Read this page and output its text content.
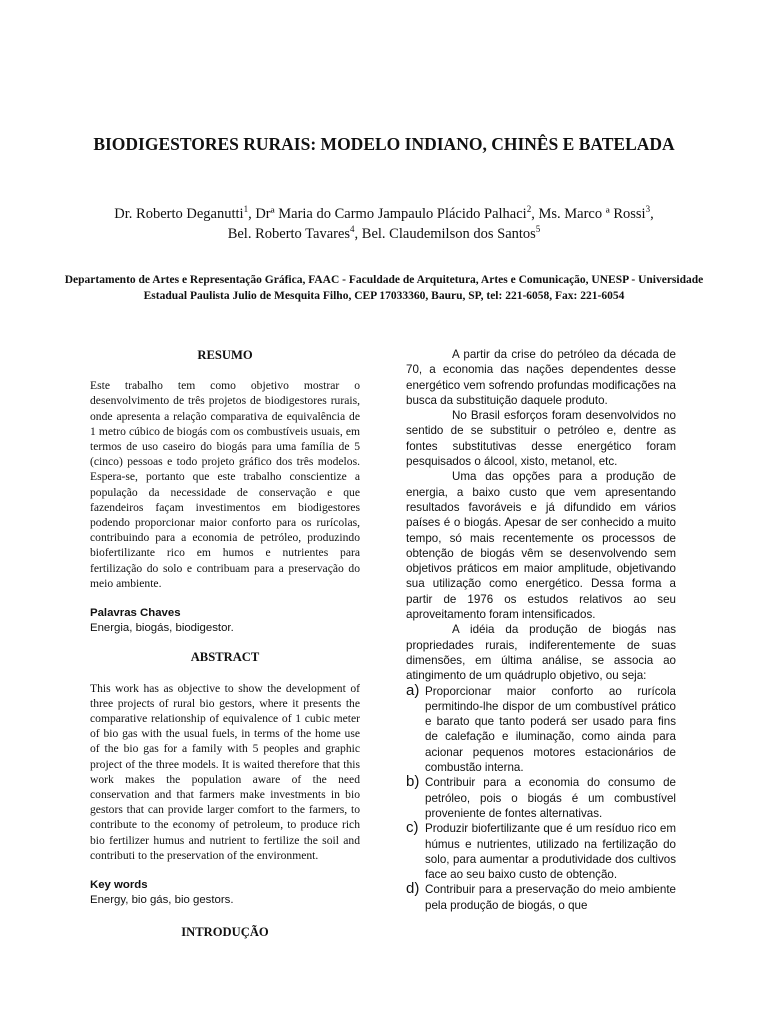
BIODIGESTORES RURAIS: MODELO INDIANO, CHINÊS E BATELADA
Dr. Roberto Deganutti$^1$, Drª Maria do Carmo Jampaulo Plácido Palhaci$^2$, Ms. Marco ª Rossi$^3$,
Bel. Roberto Tavares$^4$, Bel. Claudemilson dos Santos$^5$
Departamento de Artes e Representação Gráfica, FAAC - Faculdade de Arquitetura, Artes e Comunicação, UNESP - Universidade Estadual Paulista Julio de Mesquita Filho, CEP 17033360, Bauru, SP, tel: 221-6058, Fax: 221-6054

RESUMO

Este trabalho tem como objetivo mostrar o desenvolvimento de três projetos de biodigestores rurais, onde apresenta a relação comparativa de equivalência de 1 metro cúbico de biogás com os combustíveis usuais, em termos de uso caseiro do biogás para uma família de 5 (cinco) pessoas e todo projeto gráfico dos três modelos. Espera-se, portanto que este trabalho conscientize a população da necessidade de conservação e que fazendeiros façam investimentos em biodigestores podendo proporcionar maior conforto para os rurícolas, contribuindo para a economia de petróleo, produzindo biofertilizante rico em humos e nutrientes para fertilização do solo e contribuam para a preservação do meio ambiente.

Palavras Chaves

Energia, biogás, biodigestor.

ABSTRACT

This work has as objective to show the development of three projects of rural bio gestors, where it presents the comparative relationship of equivalence of 1 cubic meter of bio gas with the usual fuels, in terms of the home use of the bio gas for a family with 5 peoples and graphic project of the three models. It is waited therefore that this work makes the population aware of the need conservation and that farmers make investments in bio gestors that can provide larger comfort to the farmers, to contribute to the economy of petroleum, to produce rich bio fertilizer humus and nutrient to fertilize the soil and contributi to the preservation of the environment.

Key words

Energy, bio gás, bio gestors.

INTRODUÇÃO

A partir da crise do petróleo da década de 70, a economia das nações dependentes desse energético vem sofrendo profundas modificações na busca da substituição daquele produto.

No Brasil esforços foram desenvolvidos no sentido de se substituir o petróleo e, dentre as fontes substitutivas desse energético foram pesquisados o álcool, xisto, metanol, etc.

Uma das opções para a produção de energia, a baixo custo que vem apresentando resultados favoráveis e já difundido em vários países é o biogás. Apesar de ser conhecido a muito tempo, só mais recentemente os processos de obtenção de biogás vêm se desenvolvendo sem objetivos práticos em maior amplitude, objetivando sua utilização como energético. Dessa forma a partir de 1976 os estudos relativos ao seu aproveitamento foram intensificados.

A idéia da produção de biogás nas propriedades rurais, indiferentemente de suas dimensões, em última análise, se associa ao atingimento de um quádruplo objetivo, ou seja:

a) Proporcionar maior conforto ao rurícola permitindo-lhe dispor de um combustível prático e barato que tanto poderá ser usado para fins de calefação e iluminação, como ainda para acionar pequenos motores estacionários de combustão interna.

b) Contribuir para a economia do consumo de petróleo, pois o biogás é um combustível proveniente de fontes alternativas.

c) Produzir biofertilizante que é um resíduo rico em húmus e nutrientes, utilizado na fertilização do solo, para aumentar a produtividade dos cultivos face ao seu baixo custo de obtenção.

d) Contribuir para a preservação do meio ambiente pela produção de biogás, o que
